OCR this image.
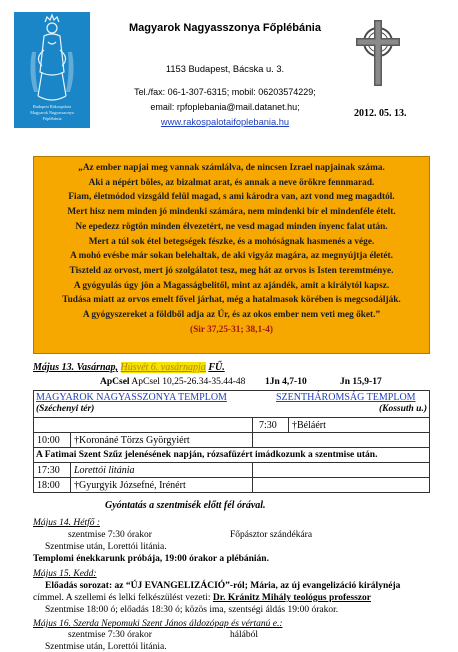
Budapest Rákospalota
Magyarok Nagyasszonya
Főplébánia
Magyarok Nagyasszonya Főplébánia
1153 Budapest, Bácska u. 3.
Tel./fax: 06-1-307-6315; mobil: 06203574229;
email: rpfoplebania@mail.datanet.hu;
www.rakospalotaifoplebania.hu
2012. 05. 13.
„Az ember napjai meg vannak számlálva, de nincsen Izrael napjainak száma.
Aki a népért böles, az bizalmat arat, és annak a neve örökre fennmarad.
Fiam, életmódod vizsgáld felül magad, s ami károdra van, azt vond meg magadtól.
Mert hisz nem minden jó mindenki számára, nem mindenki bír el mindenféle ételt.
Ne epedezz rögtön minden élvezetért, ne vesd magad minden ínyenc falat után.
Mert a túl sok étel betegségek fészke, és a mohóságnak hasmenés a vége.
A mohó evésbe már sokan belehaltak, de aki vigyáz magára, az megnyújtja életét.
Tiszteld az orvost, mert jó szolgálatot tesz, meg hát az orvos is Isten teremtménye.
A gyógyulás úgy jön a Magasságbelitől, mint az ajándék, amit a királytól kapsz.
Tudása miatt az orvos emelt fővel járhat, még a hatalmasok körében is megcsodálják.
A gyógyszereket a földből adja az Úr, és az okos ember nem veti meg őket.”
(Sir 37,25-31; 38,1-4)
Május 13. Vasárnap, Húsvét 6. vasárnapja FŰ.
ApCsel ApCsel 10,25-26.34-35.44-48 1Jn 4,7-10	Jn 15,9-17
MAGYAROK NAGYASSZONYA TEMPLOM
(Széchenyi tér)
SZENTHÁROMSÁG TEMPLOM
(Kossuth u.)
7:30 †Béláért
10:00 †Koronáné Törzs Györgyiért
A Fatimai Szent Szűz jelenésének napján, rózsafüzért imádkozunk a szentmise után.
17:30 Lorettói litánia
18:00 †Gyurgyik Józsefné, Irénért
Gyóntatás a szentmisék előtt fél órával.
Május 14. Hétfő :
szentmise 7:30 órakor	Főpásztor szándékára
Szentmise után, Lorettói litánia.
Templomi énekkarunk próbája, 19:00 órakor a plébánián.
Május 15. Kedd:
Előadás sorozat: az “ÚJ EVANGELIZÁCIÓ”-ról; Mária, az új evangelizáció királynéja
címmel. A szellemi és lelki felkészülést vezeti: Dr. Kránitz Mihály teológus professzor
Szentmise 18:00 ó; előadás 18:30 ó; közös ima, szentségi áldás 19:00 órakor.
Május 16. Szerda Nepomuki Szent János áldozópap és vértanú e.:
szentmise 7:30 órakor	hálából
Szentmise után, Lorettói litánia.
